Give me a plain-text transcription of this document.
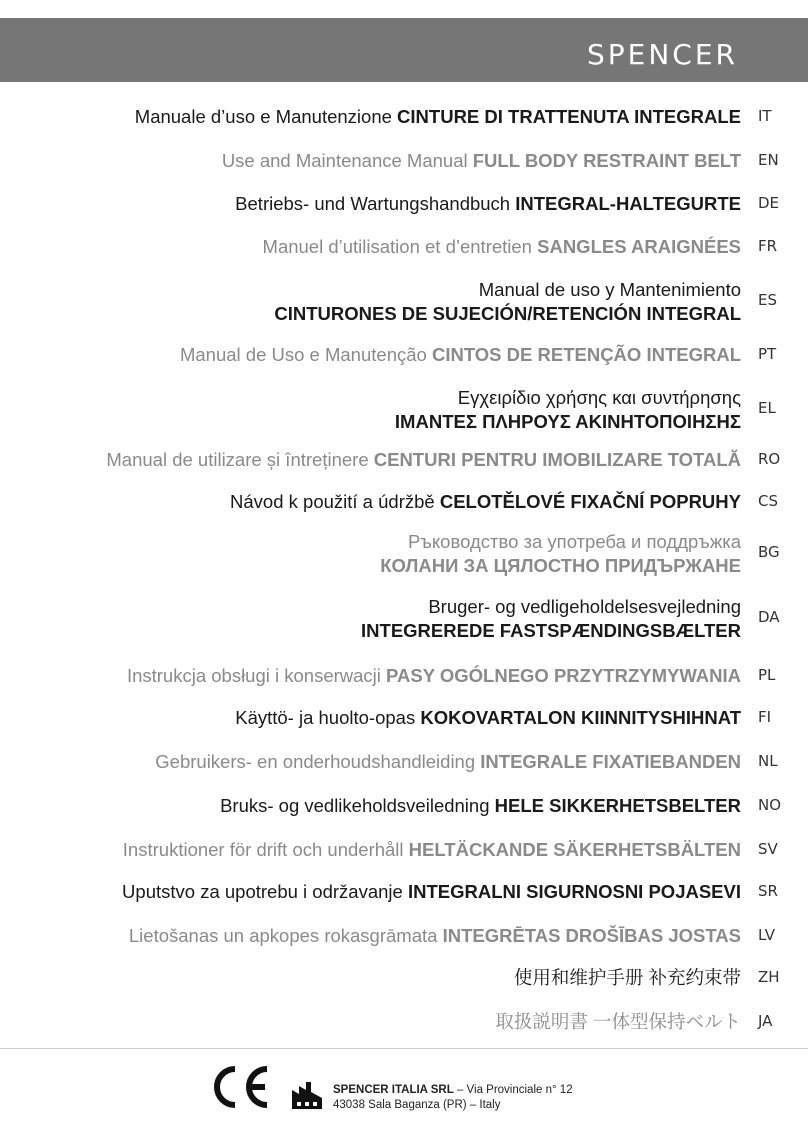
SPENCER
Manuale d’uso e Manutenzione CINTURE DI TRATTENUTA INTEGRALE IT
Use and Maintenance Manual FULL BODY RESTRAINT BELT EN
Betriebs- und Wartungshandbuch INTEGRAL-HALTEGURTE DE
Manuel d’utilisation et d’entretien SANGLES ARAIGNÉES FR
Manual de uso y Mantenimiento
CINTURONES DE SUJECIÓN/RETENCIÓN INTEGRAL
ES
Manual de Uso e Manutenção CINTOS DE RETENÇÃO INTEGRAL PT
Εγχειρίδιο χρήσης και συντήρησης
ΙΜΑΝΤΕΣ ΠΛΗΡΟΥΣ ΑΚΙΝΗΤΟΠΟΙΗΣΗΣ
EL
Manual de utilizare și întreținere CENTURI PENTRU IMOBILIZARE TOTALĂ RO
Návod k použití a údržbě CELOTĚLOVÉ FIXAČNÍ POPRUHY CS
Ръководство за употреба и поддръжка
КОЛАНИ ЗА ЦЯЛОСТНО ПРИДЪРЖАНЕ
BG
Bruger- og vedligeholdelsesvejledning
INTEGREREDE FASTSPÆNDINGSBÆLTER
DA
Instrukcja obsługi i konserwacji PASY OGÓLNEGO PRZYTRZYMYWANIA PL
Käyttö- ja huolto-opas KOKOVARTALON KIINNITYSHIHNAT FI
Gebruikers- en onderhoudshandleiding INTEGRALE FIXATIEBANDEN NL
Bruks- og vedlikeholdsveiledning HELE SIKKERHETSBELTER NO
Instruktioner för drift och underhåll HELTÄCKANDE SÄKERHETSBÄLTEN SV
Uputstvo za upotrebu i održavanje INTEGRALNI SIGURNOSNI POJASEVI SR
Lietošanas un apkopes rokasgrāmata INTEGRĒTAS DROŠĪBAS JOSTAS LV
使用和维护手册 补充约束带 ZH
取扱説明書 一体型保持ベルト JA
SPENCER ITALIA SRL – Via Provinciale n° 12
43038 Sala Baganza (PR) – Italy
